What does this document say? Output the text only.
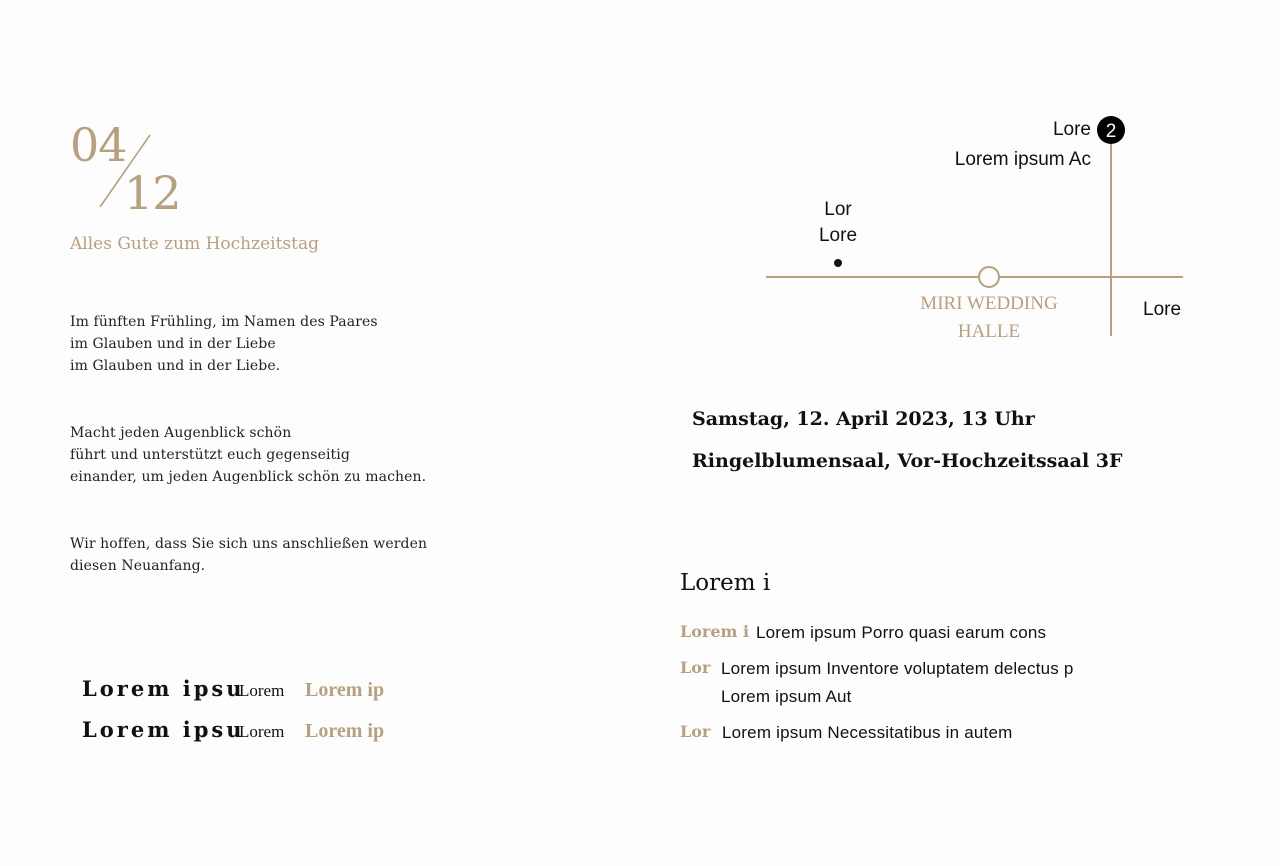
04
12
Alles Gute zum Hochzeitstag
Im fünften Frühling, im Namen des Paares
im Glauben und in der Liebe
im Glauben und in der Liebe.
Macht jeden Augenblick schön
führt und unterstützt euch gegenseitig
einander, um jeden Augenblick schön zu machen.
Wir hoffen, dass Sie sich uns anschließen werden
diesen Neuanfang.
Lorem ipsu
Lorem	Lorem ip
Lorem ipsu
Lorem	Lorem ip
2
Lore
Lorem ipsum Ac
Lor
Lore
Lore
MIRI WEDDING
HALLE
Samstag, 12. April 2023, 13 Uhr
Ringelblumensaal, Vor-Hochzeitssaal 3F
Lorem i
Lorem i Lorem ipsum Porro quasi earum cons
Lor Lorem ipsum Inventore voluptatem delectus p
Lorem ipsum Aut
Lor Lorem ipsum Necessitatibus in autem
